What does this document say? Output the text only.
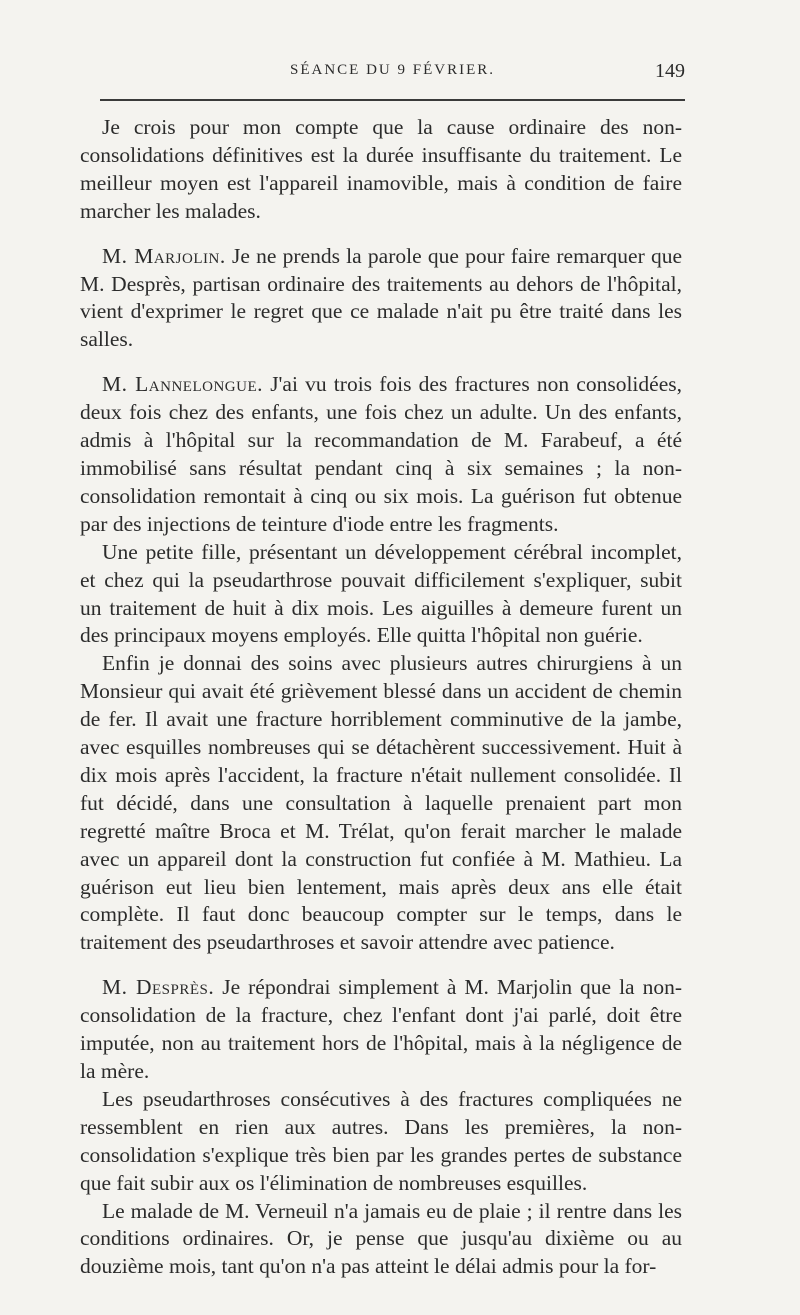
SÉANCE DU 9 FÉVRIER.	149

Je crois pour mon compte que la cause ordinaire des non-consolidations définitives est la durée insuffisante du traitement. Le meilleur moyen est l'appareil inamovible, mais à condition de faire marcher les malades.

M. Marjolin. Je ne prends la parole que pour faire remarquer que M. Desprès, partisan ordinaire des traitements au dehors de l'hôpital, vient d'exprimer le regret que ce malade n'ait pu être traité dans les salles.

M. Lannelongue. J'ai vu trois fois des fractures non consolidées, deux fois chez des enfants, une fois chez un adulte. Un des enfants, admis à l'hôpital sur la recommandation de M. Farabeuf, a été immobilisé sans résultat pendant cinq à six semaines ; la non-consolidation remontait à cinq ou six mois. La guérison fut obtenue par des injections de teinture d'iode entre les fragments.

Une petite fille, présentant un développement cérébral incomplet, et chez qui la pseudarthrose pouvait difficilement s'expliquer, subit un traitement de huit à dix mois. Les aiguilles à demeure furent un des principaux moyens employés. Elle quitta l'hôpital non guérie.

Enfin je donnai des soins avec plusieurs autres chirurgiens à un Monsieur qui avait été grièvement blessé dans un accident de chemin de fer. Il avait une fracture horriblement comminutive de la jambe, avec esquilles nombreuses qui se détachèrent successivement. Huit à dix mois après l'accident, la fracture n'était nullement consolidée. Il fut décidé, dans une consultation à laquelle prenaient part mon regretté maître Broca et M. Trélat, qu'on ferait marcher le malade avec un appareil dont la construction fut confiée à M. Mathieu. La guérison eut lieu bien lentement, mais après deux ans elle était complète. Il faut donc beaucoup compter sur le temps, dans le traitement des pseudarthroses et savoir attendre avec patience.

M. Desprès. Je répondrai simplement à M. Marjolin que la non-consolidation de la fracture, chez l'enfant dont j'ai parlé, doit être imputée, non au traitement hors de l'hôpital, mais à la négligence de la mère.

Les pseudarthroses consécutives à des fractures compliquées ne ressemblent en rien aux autres. Dans les premières, la non-consolidation s'explique très bien par les grandes pertes de substance que fait subir aux os l'élimination de nombreuses esquilles.

Le malade de M. Verneuil n'a jamais eu de plaie ; il rentre dans les conditions ordinaires. Or, je pense que jusqu'au dixième ou au douzième mois, tant qu'on n'a pas atteint le délai admis pour la for-
